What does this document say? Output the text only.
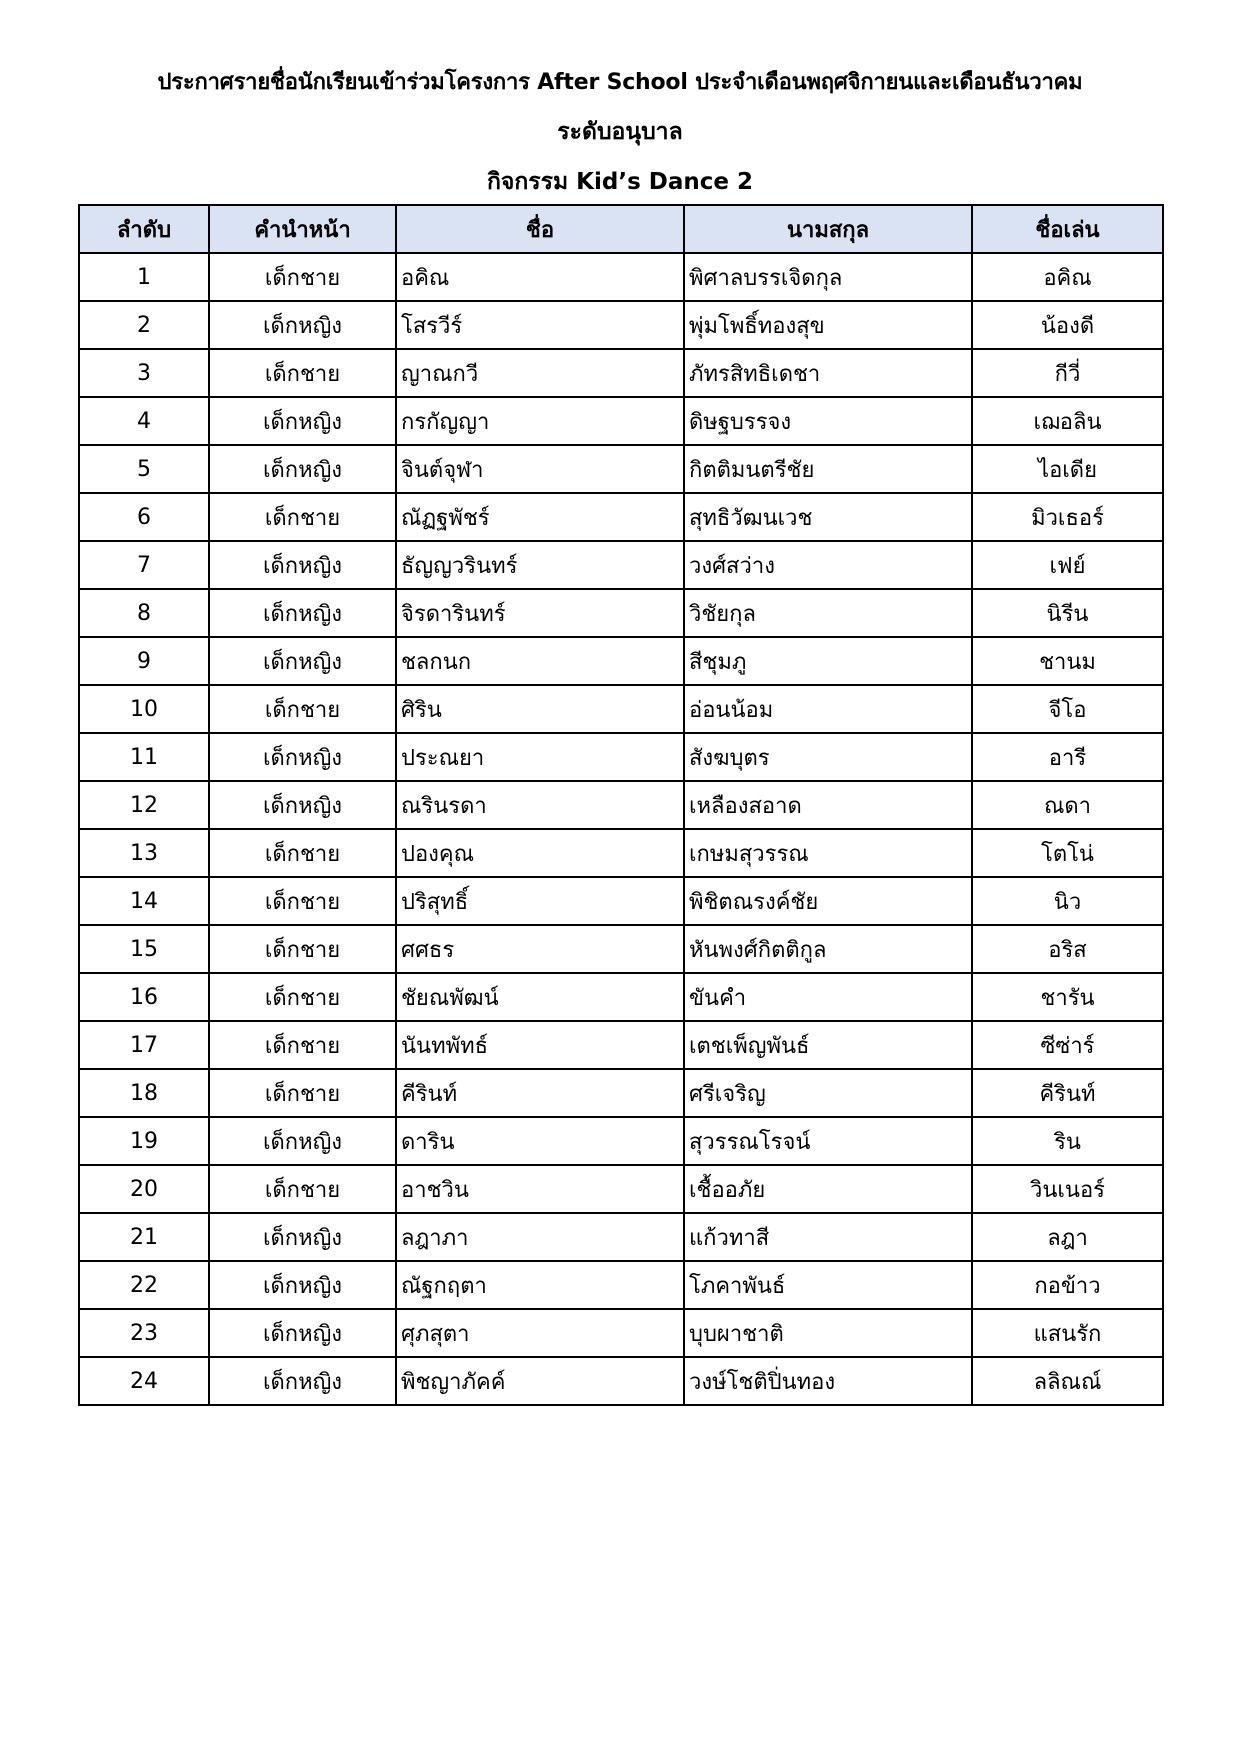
ประกาศรายชื่อนักเรียนเข้าร่วมโครงการ After School ประจำเดือนพฤศจิกายนและเดือนธันวาคม
ระดับอนุบาล
กิจกรรม Kid’s Dance 2
ลำดับ	คำนำหน้า	ชื่อ	นามสกุล	ชื่อเล่น
1	เด็กชาย	อคิณ	พิศาลบรรเจิดกุล	อคิณ
2	เด็กหญิง	โสรวีร์	พุ่มโพธิ์ทองสุข	น้องดี
3	เด็กชาย	ญาณกวี	ภัทรสิทธิเดชา	กีวี่
4	เด็กหญิง	กรกัญญา	ดิษฐบรรจง	เฌอลิน
5	เด็กหญิง	จินต์จุฬา	กิตติมนตรีชัย	ไอเดีย
6	เด็กชาย	ณัฏฐพัชร์	สุทธิวัฒนเวช	มิวเธอร์
7	เด็กหญิง	ธัญญวรินทร์	วงศ์สว่าง	เฟย์
8	เด็กหญิง	จิรดารินทร์	วิชัยกุล	นิรีน
9	เด็กหญิง	ชลกนก	สีชุมภู	ชานม
10	เด็กชาย	ศิริน	อ่อนน้อม	จีโอ
11	เด็กหญิง	ประณยา	สังฆบุตร	อารี
12	เด็กหญิง	ณรินรดา	เหลืองสอาด	ณดา
13	เด็กชาย	ปองคุณ	เกษมสุวรรณ	โตโน่
14	เด็กชาย	ปริสุทธิ์	พิชิตณรงค์ชัย	นิว
15	เด็กชาย	ศศธร	หันพงศ์กิตติกูล	อริส
16	เด็กชาย	ชัยณพัฒน์	ขันคำ	ชารัน
17	เด็กชาย	นันทพัทธ์	เตชเพ็ญพันธ์	ซีซ่าร์
18	เด็กชาย	คีรินท์	ศรีเจริญ	คีรินท์
19	เด็กหญิง	ดาริน	สุวรรณโรจน์	ริน
20	เด็กชาย	อาชวิน	เชื้ออภัย	วินเนอร์
21	เด็กหญิง	ลฎาภา	แก้วทาสี	ลฎา
22	เด็กหญิง	ณัฐกฤตา	โภคาพันธ์	กอข้าว
23	เด็กหญิง	ศุภสุตา	บุบผาชาติ	แสนรัก
24	เด็กหญิง	พิชญาภัคค์	วงษ์โชติปิ่นทอง	ลลิณณ์
